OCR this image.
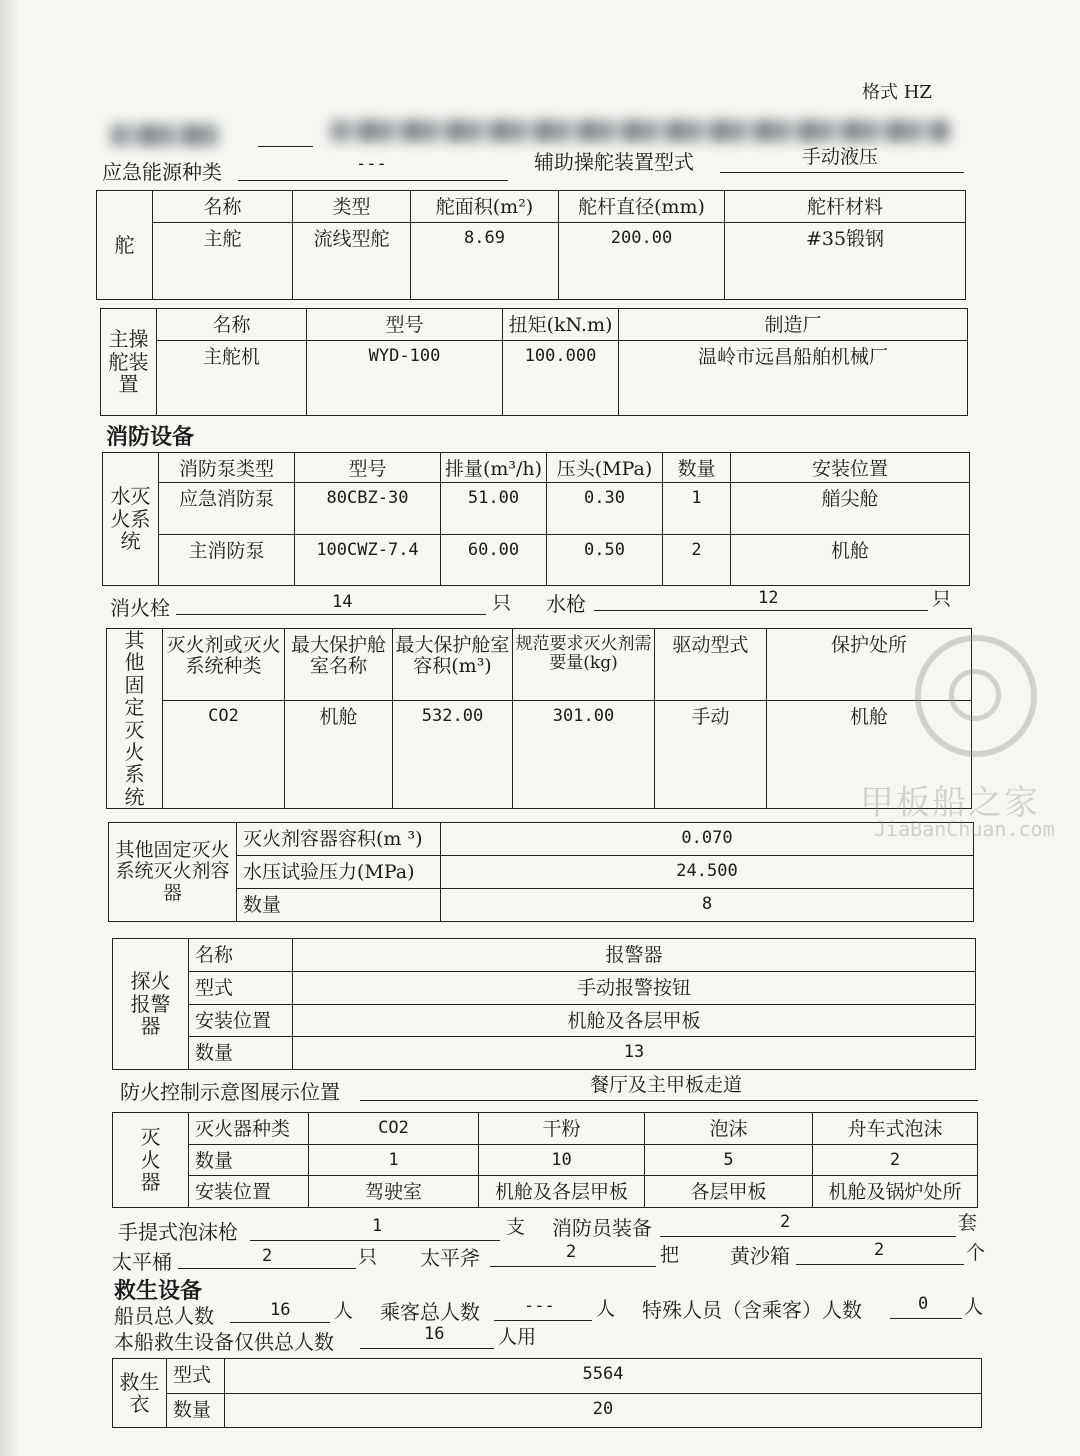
格式 HZ
应急能源种类	---	辅助操舵装置型式	手动液压
舵	名称	类型	舵面积(m²)	舵杆直径(mm)	舵杆材料

	主舵	流线型舵	8.69	200.00	#35锻钢
主操舵装置	名称	型号	扭矩(kN.m)	制造厂

	主舵机	WYD-100	100.000	温岭市远昌船舶机械厂
消防设备
水灭火系统	消防泵类型	型号	排量(m³/h)	压头(MPa)	数量	安装位置

	应急消防泵	80CBZ-30	51.00	0.30	1	艏尖舱

	主消防泵	100CWZ-7.4	60.00	0.50	2	机舱
消火栓	14	只 水枪	12	只
其他固定灭火系统	灭火剂或灭火系统种类	最大保护舱室名称	最大保护舱室容积(m³)	规范要求灭火剂需要量(kg)	驱动型式	保护处所

	CO2	机舱	532.00	301.00	手动	机舱
其他固定灭火系统灭火剂容器	灭火剂容器容积(m ³)	0.070

	水压试验压力(MPa)	24.500

	数量	8
探火报警器	名称	报警器

	型式	手动报警按钮

	安装位置	机舱及各层甲板

	数量	13
防火控制示意图展示位置	餐厅及主甲板走道
灭火器	灭火器种类	CO2	干粉	泡沫	舟车式泡沫

	数量	1	10	5	2

	安装位置	驾驶室	机舱及各层甲板	各层甲板	机舱及锅炉处所
手提式泡沫枪	1	支 消防员装备	2	套
太平桶	2	只 太平斧	2	把	黄沙箱	2	个
救生设备
船员总人数	16 人 乘客总人数	--- 人 特殊人员（含乘客）人数	0 人
本船救生设备仅供总人数	16	人用
救生衣	型式	5564

	数量	20
甲板船之家
JiaBanChuan.com
